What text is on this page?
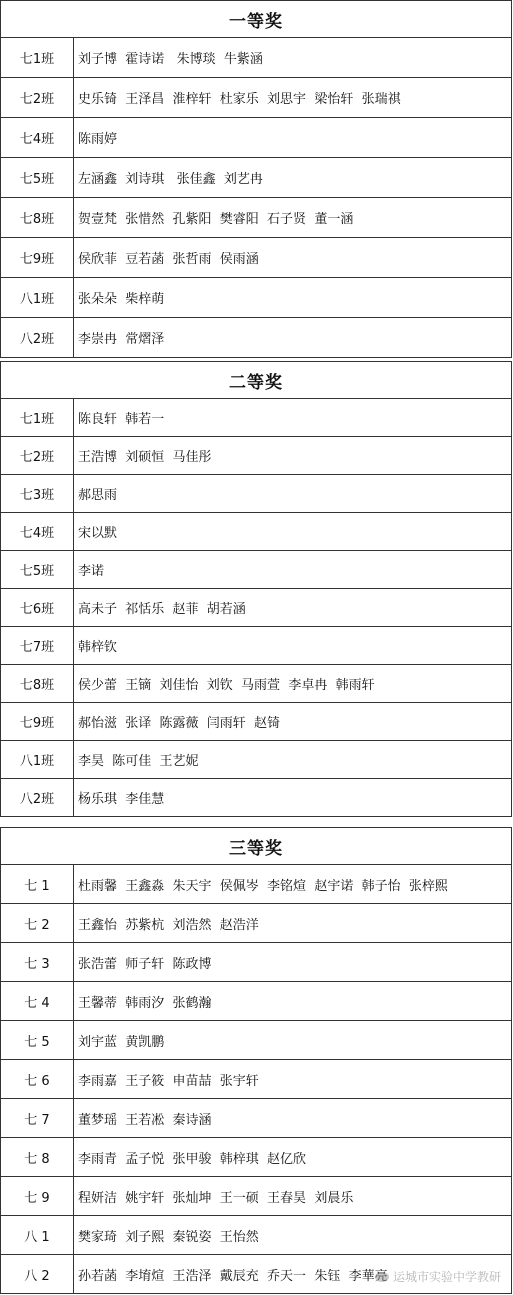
一等奖
七1班	刘子博  霍诗诺   朱博琰  牛紫涵
七2班	史乐锜  王泽昌  淮梓轩  杜家乐  刘思宇  梁怡轩  张瑞祺
七4班	陈雨婷
七5班	左涵鑫  刘诗琪   张佳鑫  刘艺冉
七8班	贺壹梵  张惜然  孔紫阳  樊睿阳  石子贤  董一涵
七9班	侯欣菲  豆若菡  张哲雨  侯雨涵
八1班	张朵朵  柴梓萌
八2班	李崇冉  常熠泽
二等奖
七1班	陈良轩  韩若一
七2班	王浩博  刘硕恒  马佳彤
七3班	郝思雨
七4班	宋以默
七5班	李诺
七6班	高未子  祁恬乐  赵菲  胡若涵
七7班	韩梓钦
七8班	侯少蕾  王镝  刘佳怡  刘钦  马雨萱  李卓冉  韩雨轩
七9班	郝怡滋  张译  陈露薇  闫雨轩  赵锜
八1班	李昊  陈可佳  王艺妮
八2班	杨乐琪  李佳慧
三等奖
七 1	杜雨馨  王鑫淼  朱天宇  侯佩岑  李铭煊  赵宇诺  韩子怡  张梓熙
七 2	王鑫怡  苏紫杭  刘浩然  赵浩洋
七 3	张浩蕾  师子轩  陈政博
七 4	王馨蒂  韩雨汐  张鹤瀚
七 5	刘宇蓝  黄凯鹏
七 6	李雨嘉  王子筱  申苗喆  张宇轩
七 7	董梦瑶  王若凇  秦诗涵
七 8	李雨青  孟子悦  张甲骏  韩梓琪  赵亿欣
七 9	程妍洁  姚宇轩  张灿坤  王一硕  王春昊  刘晨乐
八 1	樊家琦  刘子熙  秦锐姿  王怡然
八 2	孙若菡  李堉煊  王浩泽  戴辰充  乔天一  朱钰  李華亮 运城市实验中学教研
